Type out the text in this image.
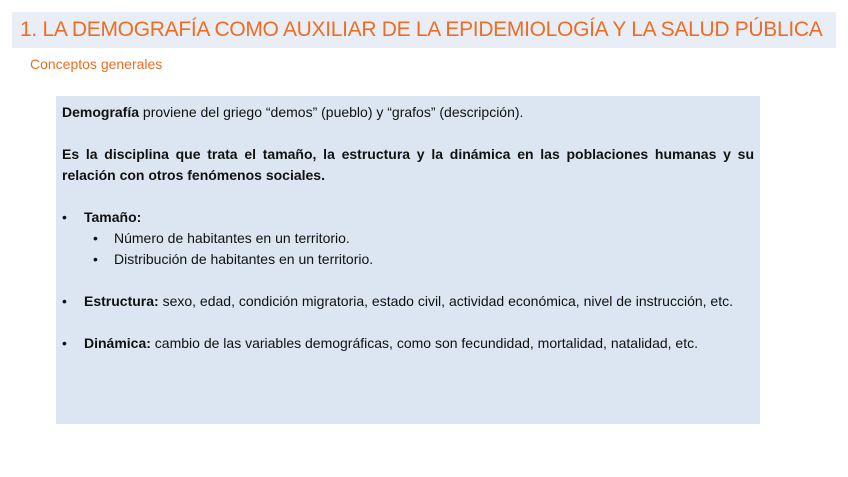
1. LA DEMOGRAFÍA COMO AUXILIAR DE LA EPIDEMIOLOGÍA Y LA SALUD PÚBLICA
Conceptos generales

Demografía proviene del griego “demos” (pueblo) y “grafos” (descripción).

Es la disciplina que trata el tamaño, la estructura y la dinámica en las poblaciones humanas y su relación con otros fenómenos sociales.

• Tamaño:
• Número de habitantes en un territorio.
• Distribución de habitantes en un territorio.
• Estructura: sexo, edad, condición migratoria, estado civil, actividad económica, nivel de instrucción, etc.
• Dinámica: cambio de las variables demográficas, como son fecundidad, mortalidad, natalidad, etc.
